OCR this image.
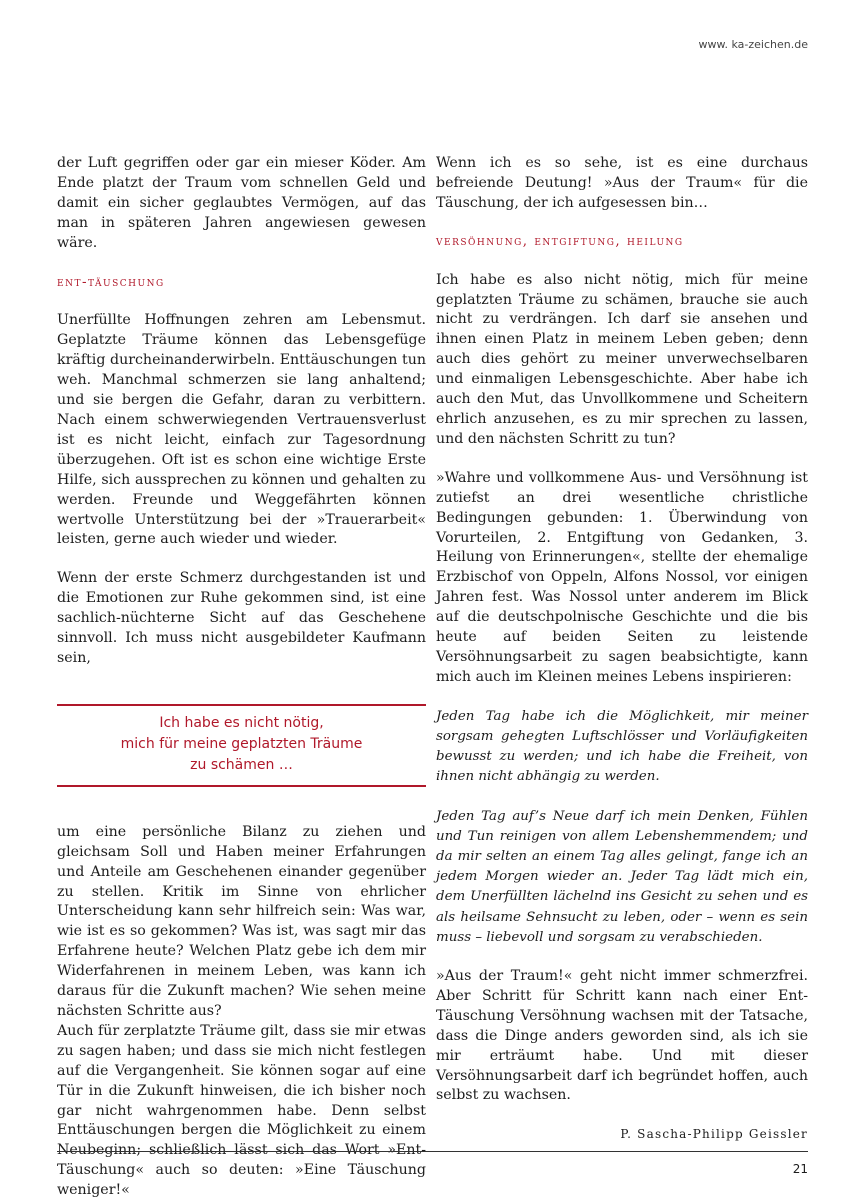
www. ka-zeichen.de

der Luft gegriffen oder gar ein mieser Köder. Am Ende platzt der Traum vom schnellen Geld und damit ein sicher geglaubtes Vermögen, auf das man in späteren Jahren angewiesen gewesen wäre.

ent-täuschung

Unerfüllte Hoffnungen zehren am Lebensmut. Geplatzte Träume können das Lebensgefüge kräftig durcheinanderwirbeln. Enttäuschungen tun weh. Manchmal schmerzen sie lang anhaltend; und sie bergen die Gefahr, daran zu verbittern. Nach einem schwerwiegenden Vertrauensverlust ist es nicht leicht, einfach zur Tagesordnung überzugehen. Oft ist es schon eine wichtige Erste Hilfe, sich aussprechen zu können und gehalten zu werden. Freunde und Weggefährten können wertvolle Unterstützung bei der »Trauerarbeit« leisten, gerne auch wieder und wieder.

Wenn der erste Schmerz durchgestanden ist und die Emotionen zur Ruhe gekommen sind, ist eine sachlich-nüchterne Sicht auf das Geschehene sinnvoll. Ich muss nicht ausgebildeter Kaufmann sein,

Ich habe es nicht nötig,
mich für meine geplatzten Träume
zu schämen …

um eine persönliche Bilanz zu ziehen und gleichsam Soll und Haben meiner Erfahrungen und Anteile am Geschehenen einander gegenüber zu stellen. Kritik im Sinne von ehrlicher Unterscheidung kann sehr hilfreich sein: Was war, wie ist es so gekommen? Was ist, was sagt mir das Erfahrene heute? Welchen Platz gebe ich dem mir Widerfahrenen in meinem Leben, was kann ich daraus für die Zukunft machen? Wie sehen meine nächsten Schritte aus?

Auch für zerplatzte Träume gilt, dass sie mir etwas zu sagen haben; und dass sie mich nicht festlegen auf die Vergangenheit. Sie können sogar auf eine Tür in die Zukunft hinweisen, die ich bisher noch gar nicht wahrgenommen habe. Denn selbst Enttäuschungen bergen die Möglichkeit zu einem Neubeginn; schließlich lässt sich das Wort »Ent-Täuschung« auch so deuten: »Eine Täuschung weniger!«

Wenn ich es so sehe, ist es eine durchaus befreiende Deutung! »Aus der Traum« für die Täuschung, der ich aufgesessen bin…

versöhnung, entgiftung, heilung

Ich habe es also nicht nötig, mich für meine geplatzten Träume zu schämen, brauche sie auch nicht zu verdrängen. Ich darf sie ansehen und ihnen einen Platz in meinem Leben geben; denn auch dies gehört zu meiner unverwechselbaren und einmaligen Lebensgeschichte. Aber habe ich auch den Mut, das Unvollkommene und Scheitern ehrlich anzusehen, es zu mir sprechen zu lassen, und den nächsten Schritt zu tun?

»Wahre und vollkommene Aus- und Versöhnung ist zutiefst an drei wesentliche christliche Bedingungen gebunden: 1. Überwindung von Vorurteilen, 2. Entgiftung von Gedanken, 3. Heilung von Erinnerungen«, stellte der ehemalige Erzbischof von Oppeln, Alfons Nossol, vor einigen Jahren fest. Was Nossol unter anderem im Blick auf die deutschpolnische Geschichte und die bis heute auf beiden Seiten zu leistende Versöhnungsarbeit zu sagen beabsichtigte, kann mich auch im Kleinen meines Lebens inspirieren:

Jeden Tag habe ich die Möglichkeit, mir meiner sorgsam gehegten Luftschlösser und Vorläufigkeiten bewusst zu werden; und ich habe die Freiheit, von ihnen nicht abhängig zu werden.

Jeden Tag auf’s Neue darf ich mein Denken, Fühlen und Tun reinigen von allem Lebenshemmendem; und da mir selten an einem Tag alles gelingt, fange ich an jedem Morgen wieder an. Jeder Tag lädt mich ein, dem Unerfüllten lächelnd ins Gesicht zu sehen und es als heilsame Sehnsucht zu leben, oder – wenn es sein muss – liebevoll und sorgsam zu verabschieden.

»Aus der Traum!« geht nicht immer schmerzfrei. Aber Schritt für Schritt kann nach einer Ent-Täuschung Versöhnung wachsen mit der Tatsache, dass die Dinge anders geworden sind, als ich sie mir erträumt habe. Und mit dieser Versöhnungsarbeit darf ich begründet hoffen, auch selbst zu wachsen.

P. Sascha-Philipp Geissler
21
